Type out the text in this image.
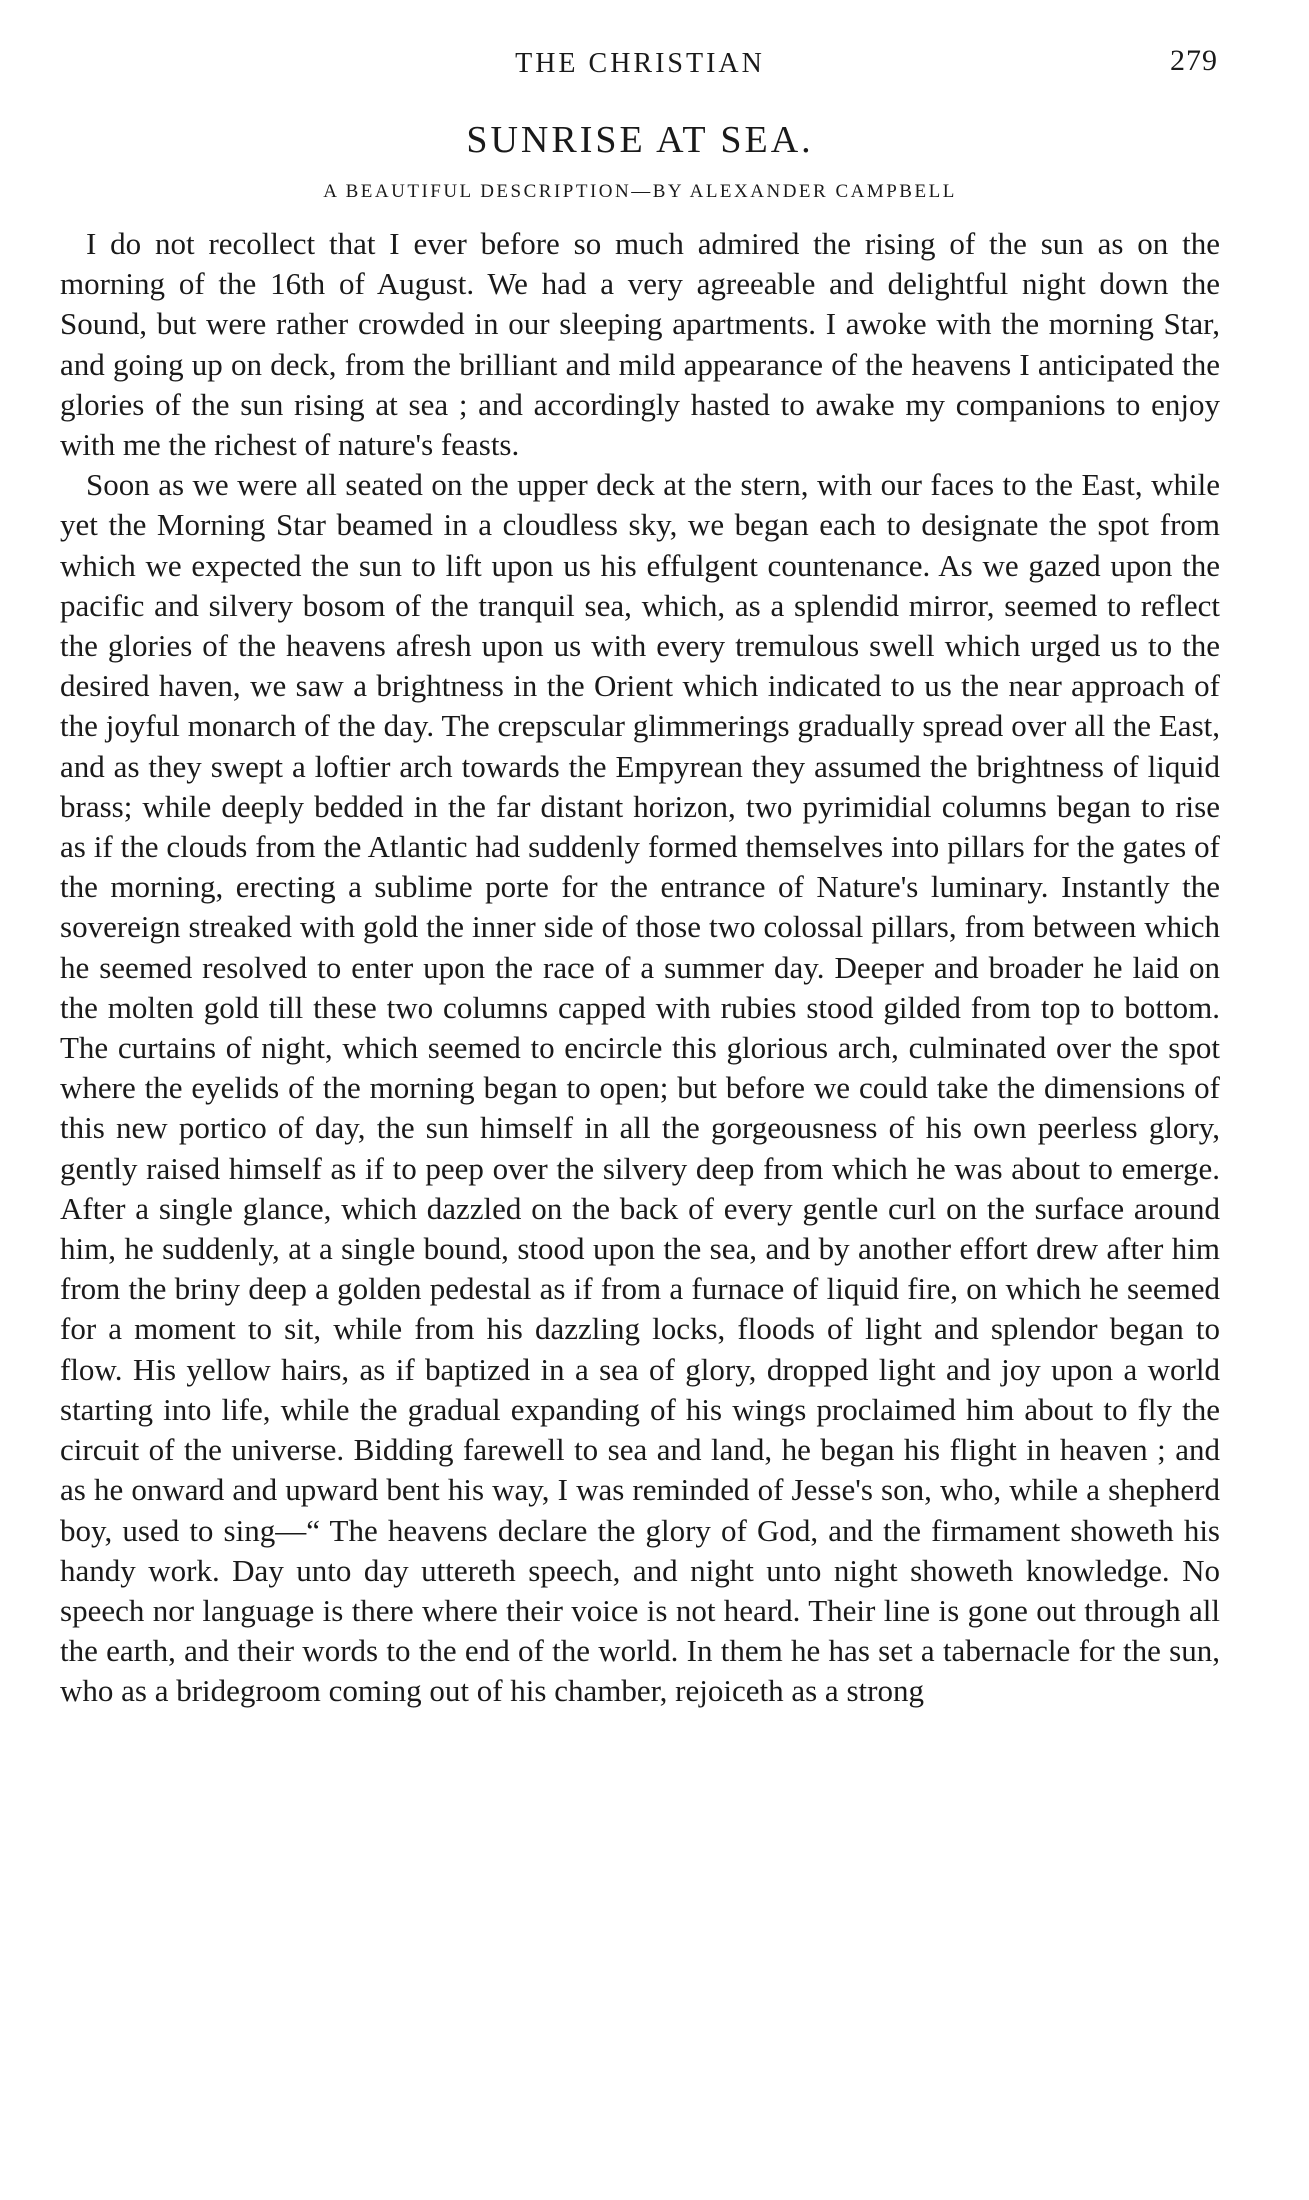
THE CHRISTIAN	279
SUNRISE AT SEA.
A BEAUTIFUL DESCRIPTION—BY ALEXANDER CAMPBELL

I do not recollect that I ever before so much admired the rising of the sun as on the morning of the 16th of August. We had a very agreeable and delightful night down the Sound, but were rather crowded in our sleeping apartments. I awoke with the morning Star, and going up on deck, from the brilliant and mild appearance of the heavens I anticipated the glories of the sun rising at sea ; and accordingly hasted to awake my companions to enjoy with me the richest of nature's feasts.

Soon as we were all seated on the upper deck at the stern, with our faces to the East, while yet the Morning Star beamed in a cloudless sky, we began each to designate the spot from which we expected the sun to lift upon us his effulgent countenance. As we gazed upon the pacific and silvery bosom of the tranquil sea, which, as a splendid mirror, seemed to reflect the glories of the heavens afresh upon us with every tremulous swell which urged us to the desired haven, we saw a brightness in the Orient which indicated to us the near approach of the joyful monarch of the day. The crepscular glimmerings gradually spread over all the East, and as they swept a loftier arch towards the Empyrean they assumed the brightness of liquid brass; while deeply bedded in the far distant horizon, two pyrimidial columns began to rise as if the clouds from the Atlantic had suddenly formed themselves into pillars for the gates of the morning, erecting a sublime porte for the entrance of Nature's luminary. Instantly the sovereign streaked with gold the inner side of those two colossal pillars, from between which he seemed resolved to enter upon the race of a summer day. Deeper and broader he laid on the molten gold till these two columns capped with rubies stood gilded from top to bottom. The curtains of night, which seemed to encircle this glorious arch, culminated over the spot where the eyelids of the morning began to open; but before we could take the dimensions of this new portico of day, the sun himself in all the gorgeousness of his own peerless glory, gently raised himself as if to peep over the silvery deep from which he was about to emerge. After a single glance, which dazzled on the back of every gentle curl on the surface around him, he suddenly, at a single bound, stood upon the sea, and by another effort drew after him from the briny deep a golden pedestal as if from a furnace of liquid fire, on which he seemed for a moment to sit, while from his dazzling locks, floods of light and splendor began to flow. His yellow hairs, as if baptized in a sea of glory, dropped light and joy upon a world starting into life, while the gradual expanding of his wings proclaimed him about to fly the circuit of the universe. Bidding farewell to sea and land, he began his flight in heaven ; and as he onward and upward bent his way, I was reminded of Jesse's son, who, while a shepherd boy, used to sing—“ The heavens declare the glory of God, and the firmament showeth his handy work. Day unto day uttereth speech, and night unto night showeth knowledge. No speech nor language is there where their voice is not heard. Their line is gone out through all the earth, and their words to the end of the world. In them he has set a tabernacle for the sun, who as a bridegroom coming out of his chamber, rejoiceth as a strong
